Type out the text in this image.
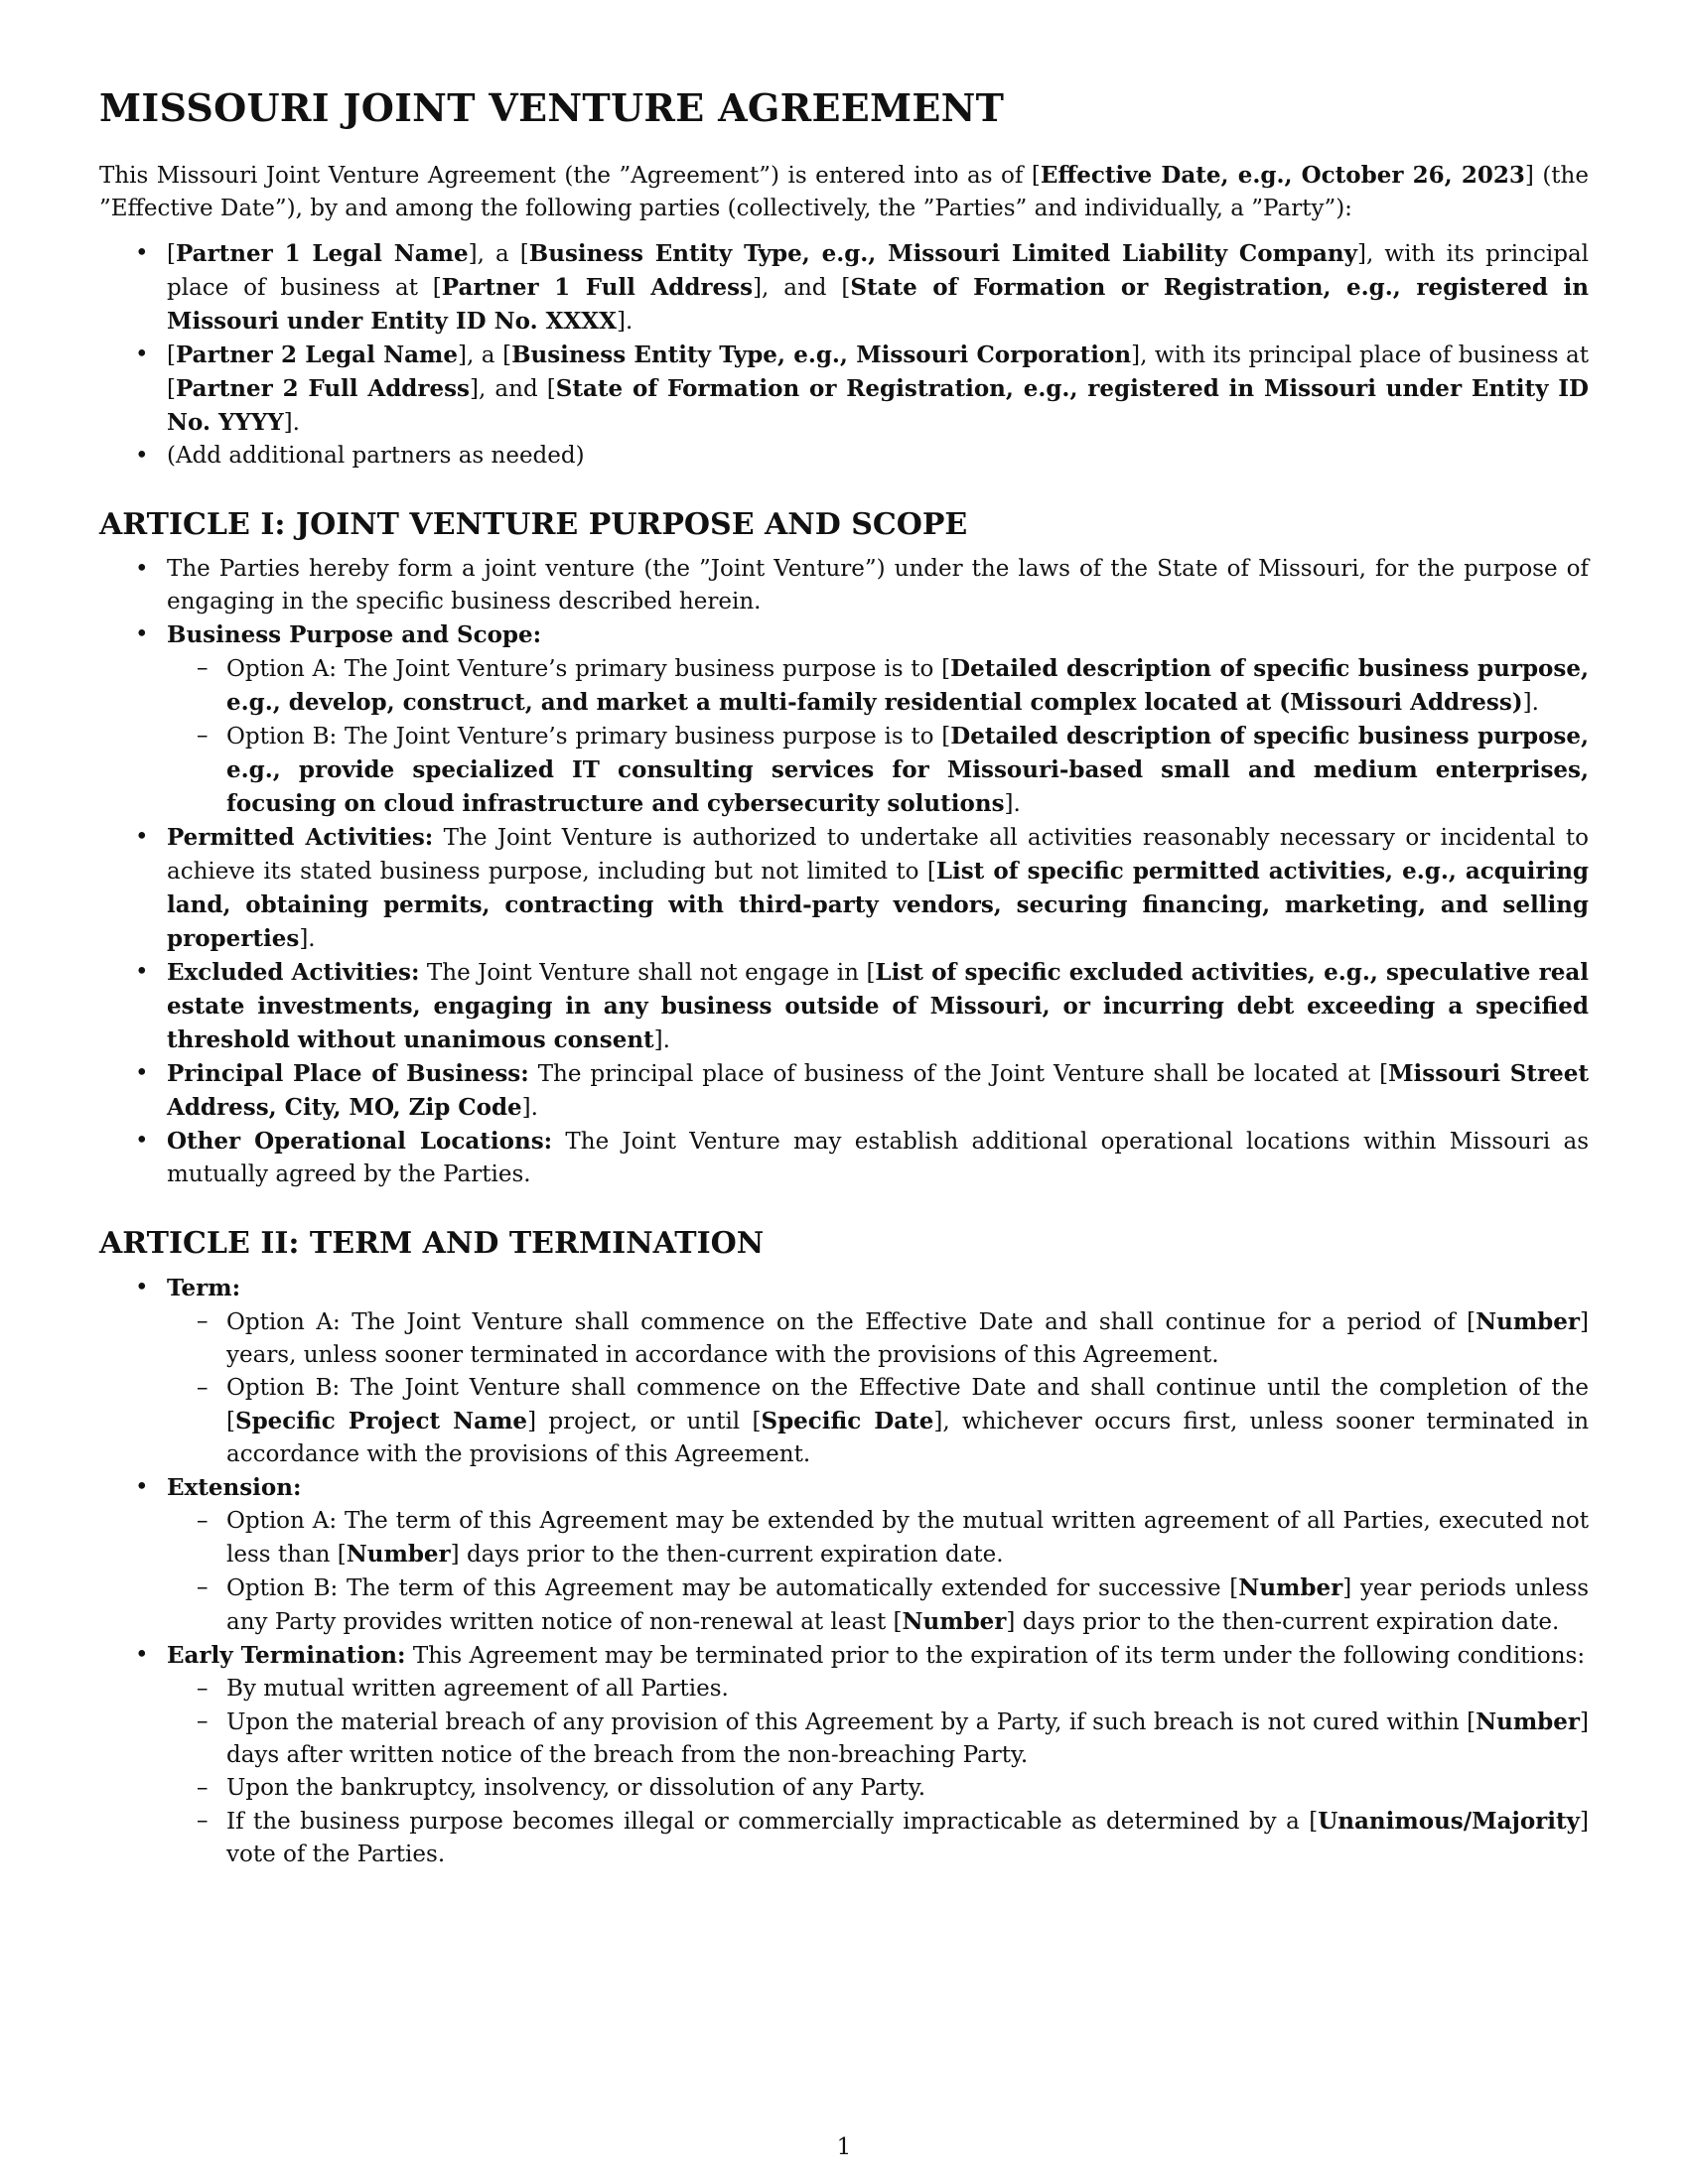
MISSOURI JOINT VENTURE AGREEMENT

This Missouri Joint Venture Agreement (the ”Agreement”) is entered into as of [Effective Date, e.g., October 26, 2023] (the ”Effective Date”), by and among the following parties (collectively, the ”Parties” and individually, a ”Party”):

• [Partner 1 Legal Name], a [Business Entity Type, e.g., Missouri Limited Liability Company], with its principal place of business at [Partner 1 Full Address], and [State of Formation or Registration, e.g., registered in Missouri under Entity ID No. XXXX].
• [Partner 2 Legal Name], a [Business Entity Type, e.g., Missouri Corporation], with its principal place of business at [Partner 2 Full Address], and [State of Formation or Registration, e.g., registered in Missouri under Entity ID No. YYYY].
• (Add additional partners as needed)
ARTICLE I: JOINT VENTURE PURPOSE AND SCOPE
• The Parties hereby form a joint venture (the ”Joint Venture”) under the laws of the State of Missouri, for the purpose of engaging in the specific business described herein.
• Business Purpose and Scope:
– Option A: The Joint Venture’s primary business purpose is to [Detailed description of specific business purpose, e.g., develop, construct, and market a multi-family residential complex located at (Missouri Address)].
– Option B: The Joint Venture’s primary business purpose is to [Detailed description of specific business purpose, e.g., provide specialized IT consulting services for Missouri-based small and medium enterprises, focusing on cloud infrastructure and cybersecurity solutions].
• Permitted Activities: The Joint Venture is authorized to undertake all activities reasonably necessary or incidental to achieve its stated business purpose, including but not limited to [List of specific permitted activities, e.g., acquiring land, obtaining permits, contracting with third-party vendors, securing financing, marketing, and selling properties].
• Excluded Activities: The Joint Venture shall not engage in [List of specific excluded activities, e.g., speculative real estate investments, engaging in any business outside of Missouri, or incurring debt exceeding a specified threshold without unanimous consent].
• Principal Place of Business: The principal place of business of the Joint Venture shall be located at [Missouri Street Address, City, MO, Zip Code].
• Other Operational Locations: The Joint Venture may establish additional operational locations within Missouri as mutually agreed by the Parties.
ARTICLE II: TERM AND TERMINATION
• Term:
– Option A: The Joint Venture shall commence on the Effective Date and shall continue for a period of [Number] years, unless sooner terminated in accordance with the provisions of this Agreement.
– Option B: The Joint Venture shall commence on the Effective Date and shall continue until the completion of the [Specific Project Name] project, or until [Specific Date], whichever occurs first, unless sooner terminated in accordance with the provisions of this Agreement.
• Extension:
– Option A: The term of this Agreement may be extended by the mutual written agreement of all Parties, executed not less than [Number] days prior to the then-current expiration date.
– Option B: The term of this Agreement may be automatically extended for successive [Number] year periods unless any Party provides written notice of non-renewal at least [Number] days prior to the then-current expiration date.
• Early Termination: This Agreement may be terminated prior to the expiration of its term under the following conditions:
– By mutual written agreement of all Parties.
– Upon the material breach of any provision of this Agreement by a Party, if such breach is not cured within [Number] days after written notice of the breach from the non-breaching Party.
– Upon the bankruptcy, insolvency, or dissolution of any Party.
– If the business purpose becomes illegal or commercially impracticable as determined by a [Unanimous/Majority] vote of the Parties.
1
